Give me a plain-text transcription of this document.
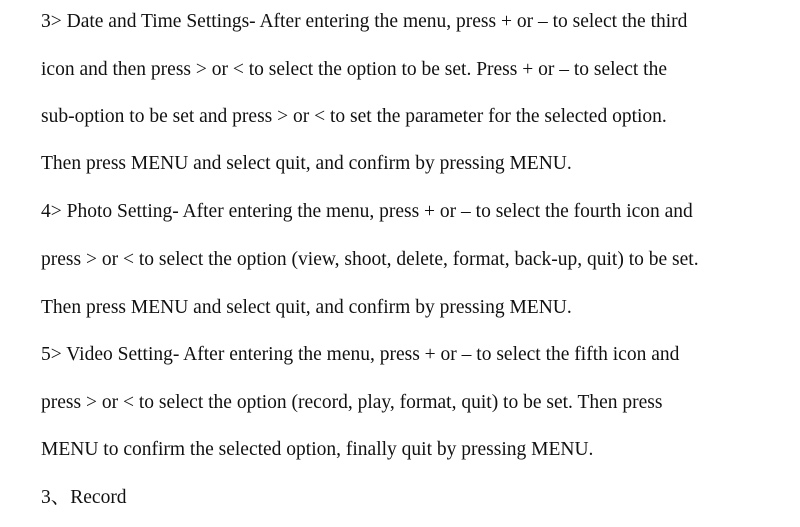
3> Date and Time Settings- After entering the menu, press + or – to select the third
icon and then press > or < to select the option to be set. Press + or – to select the
sub-option to be set and press > or < to set the parameter for the selected option.
Then press MENU and select quit, and confirm by pressing MENU.
4> Photo Setting- After entering the menu, press + or – to select the fourth icon and
press > or < to select the option (view, shoot, delete, format, back-up, quit) to be set.
Then press MENU and select quit, and confirm by pressing MENU.
5> Video Setting- After entering the menu, press + or – to select the fifth icon and
press > or < to select the option (record, play, format, quit) to be set. Then press
MENU to confirm the selected option, finally quit by pressing MENU.
3、Record
